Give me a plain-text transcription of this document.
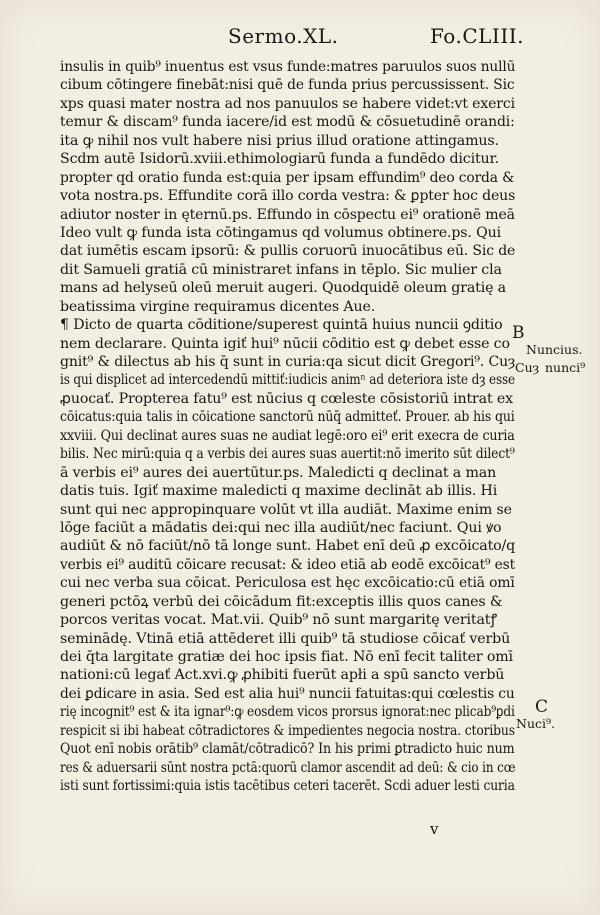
Sermo.XL.	Fo.CLIII.
insulis in quib⁹ inuentus est vsus funde:matres paruulos suos nullū
cibum cōtingere finebāt:nisi quē de funda prius percussissent. Sic
xps quasi mater nostra ad nos panuulos se habere videt:vt exerci
temur & discam⁹ funda iacere/id est modū & cōsuetudinē orandi:
ita ꝙ nihil nos vult habere nisi prius illud oratione attingamus.
Scdm autē Isidorū.xviii.ethimologiarū funda a fundēdo dicitur.
propter qd oratio funda est:quia per ipsam effundim⁹ deo corda &
vota nostra.ps. Effundite corā illo corda vestra: & ꝑpter hoc deus
adiutor noster in ęternū.ps. Effundo in cōspectu ei⁹ orationē meā
Ideo vult ꝙ funda ista cōtingamus qd volumus obtinere.ps. Qui
dat iumētis escam ipsorū: & pullis coruorū inuocātibus eū. Sic de
dit Samueli gratiā cū ministraret infans in tēplo. Sic mulier cla
mans ad helyseū oleū meruit augeri. Quodquidē oleum gratię a
beatissima virgine requiramus dicentes Aue.
¶ Dicto de quarta cōditione/superest quintā huius nuncii ꝯditio
nem declarare. Quinta igiť hui⁹ nūcii cōditio est ꝙ debet esse co
gnit⁹ & dilectus ab his q̄ sunt in curia:qa sicut dicit Gregori⁹. Cuȝ
is qui displicet ad intercedendū mittiť:iudicis animⁿ ad deteriora iste dȝ esse
ꝓuocať. Propterea fatu⁹ est nūcius q cœleste cōsistoriū intrat ex
cōicatus:quia talis in cōicatione sanctorū nūq̄ admitteť. Prouer. ab his qui
xxviii. Qui declinat aures suas ne audiat legē:oro ei⁹ erit execra de curia
bilis. Nec mirū:quia q a verbis dei aures suas auertit:nō imerito sūt dilect⁹
ā verbis ei⁹ aures dei auertūtur.ps. Maledicti q declinat a man
datis tuis. Igiť maxime maledicti q maxime declināt ab illis. Hi
sunt qui nec appropinquare volūt vt illa audiāt. Maxime enim se
lōge faciūt a mādatis dei:qui nec illa audiūt/nec faciunt. Qui ꝟo
audiūt & nō faciūt/nō tā longe sunt. Habet enī deū ꝓ excōicato/q
verbis ei⁹ auditū cōicare recusat: & ideo etiā ab eodē excōicat⁹ est
cui nec verba sua cōicat. Periculosa est hęc excōicatio:cū etiā omī
generi pctōꝝ verbū dei cōicādum fit:exceptis illis quos canes &
porcos veritas vocat. Mat.vii. Quib⁹ nō sunt margaritę veritatꝭ
seminādę. Vtinā etiā attēderet illi quib⁹ tā studiose cōicať verbū
dei q̄ta largitate gratiæ dei hoc ipsis fiat. Nō enī fecit taliter omī
nationi:cū legať Act.xvi.ꝙ ꝓhibiti fuerūt apłi a spū sancto verbū
dei ꝑdicare in asia. Sed est alia hui⁹ nuncii fatuitas:qui cœlestis cu
rię incognit⁹ est & ita ignar⁹:ꝙ eosdem vicos prorsus ignorat:nec plicab⁹ꝑdi
respicit si ibi habeat cōtradictores & impedientes negocia nostra. ctoribus
Quot enī nobis orātib⁹ clamāt/cōtradicō? In his primi ꝑtradicto huic num
res & aduersarii sūnt nostra pctā:quorū clamor ascendit ad deū: & cio in cœ
isti sunt fortissimi:quia istis tacētibus ceteri tacerēt. Scdi aduer lesti curia
B
Nuncius.
Cuȝ nunci⁹
C
Nuci⁹.
v
